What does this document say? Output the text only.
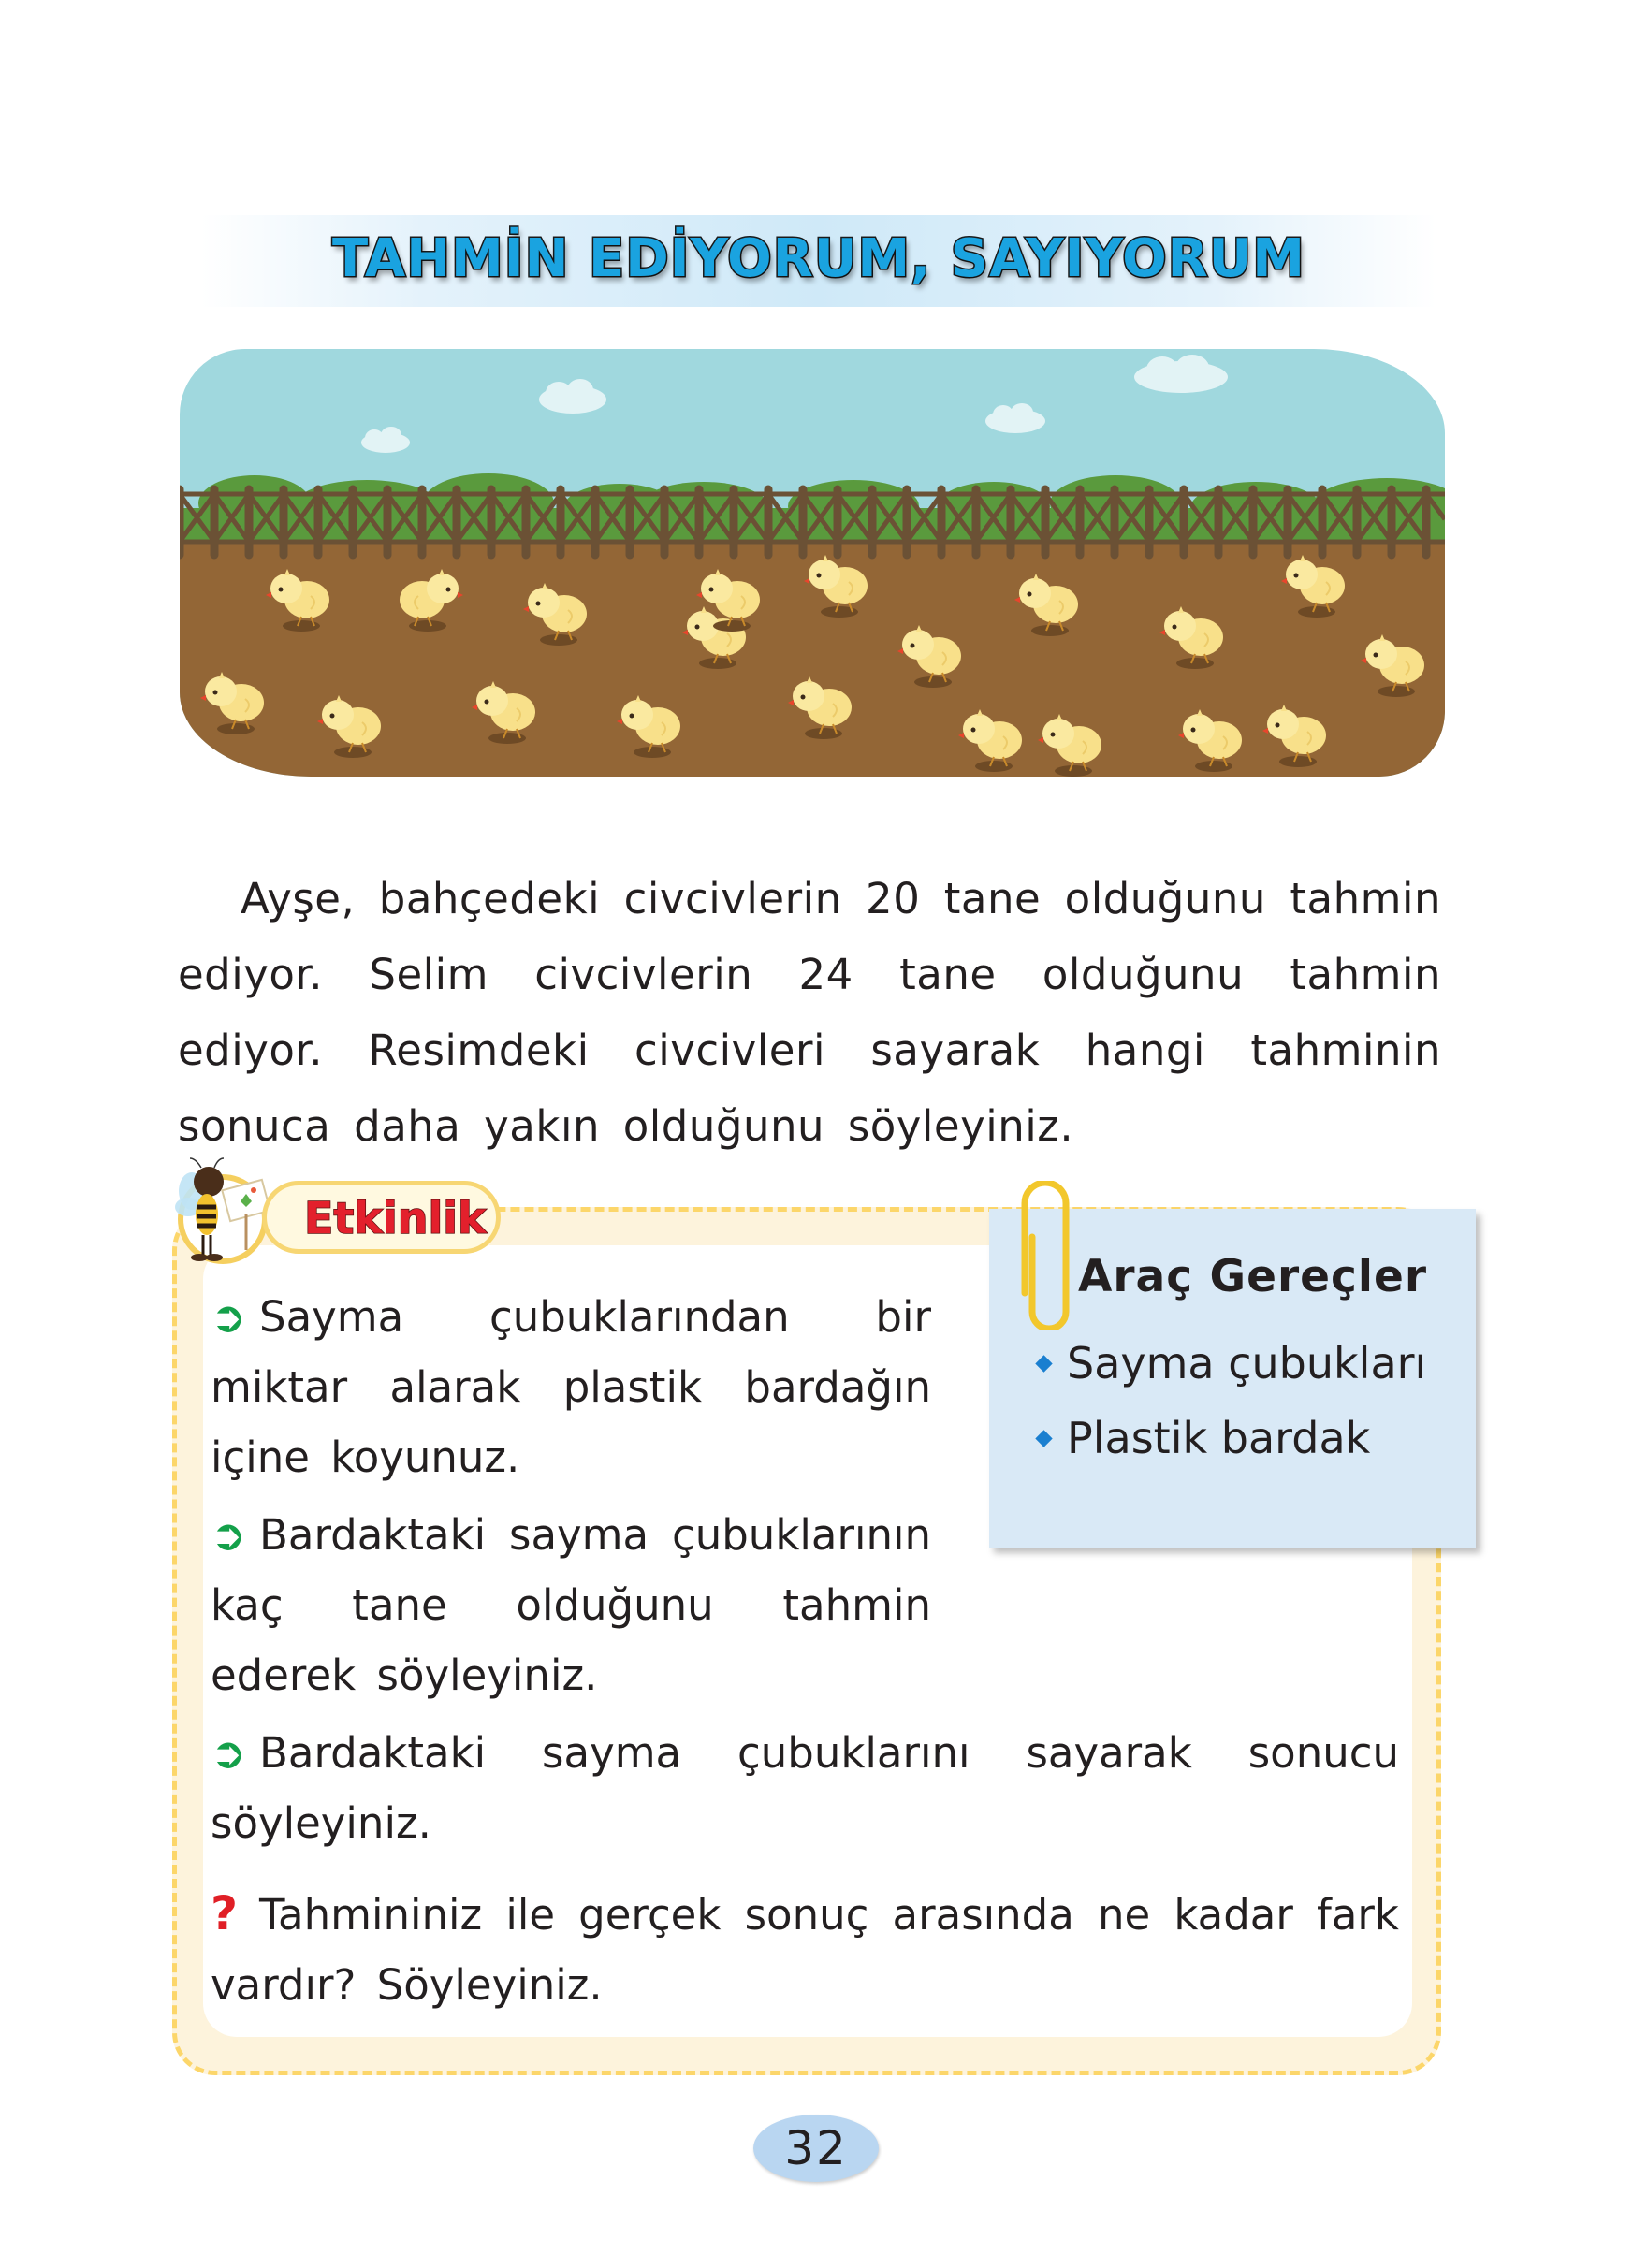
TAHMİN EDİYORUM, SAYIYORUM

Ayşe, bahçedeki civcivlerin 20 tane olduğunu tahmin ediyor. Selim civcivlerin 24 tane olduğunu tahmin ediyor. Resimdeki civcivleri sayarak hangi tahminin sonuca daha yakın olduğunu söyleyiniz.

Etkinlik
➲ Sayma çubuklarından bir miktar alarak plastik bardağın içine koyunuz.
➲ Bardaktaki sayma çubuklarının kaç tane olduğunu tahmin ederek söyleyiniz.
➲ Bardaktaki sayma çubuklarını sayarak sonucu söyleyiniz.
? Tahmininiz ile gerçek sonuç arasında ne kadar fark vardır? Söyleyiniz.
Araç Gereçler
Sayma çubukları
Plastik bardak
32
